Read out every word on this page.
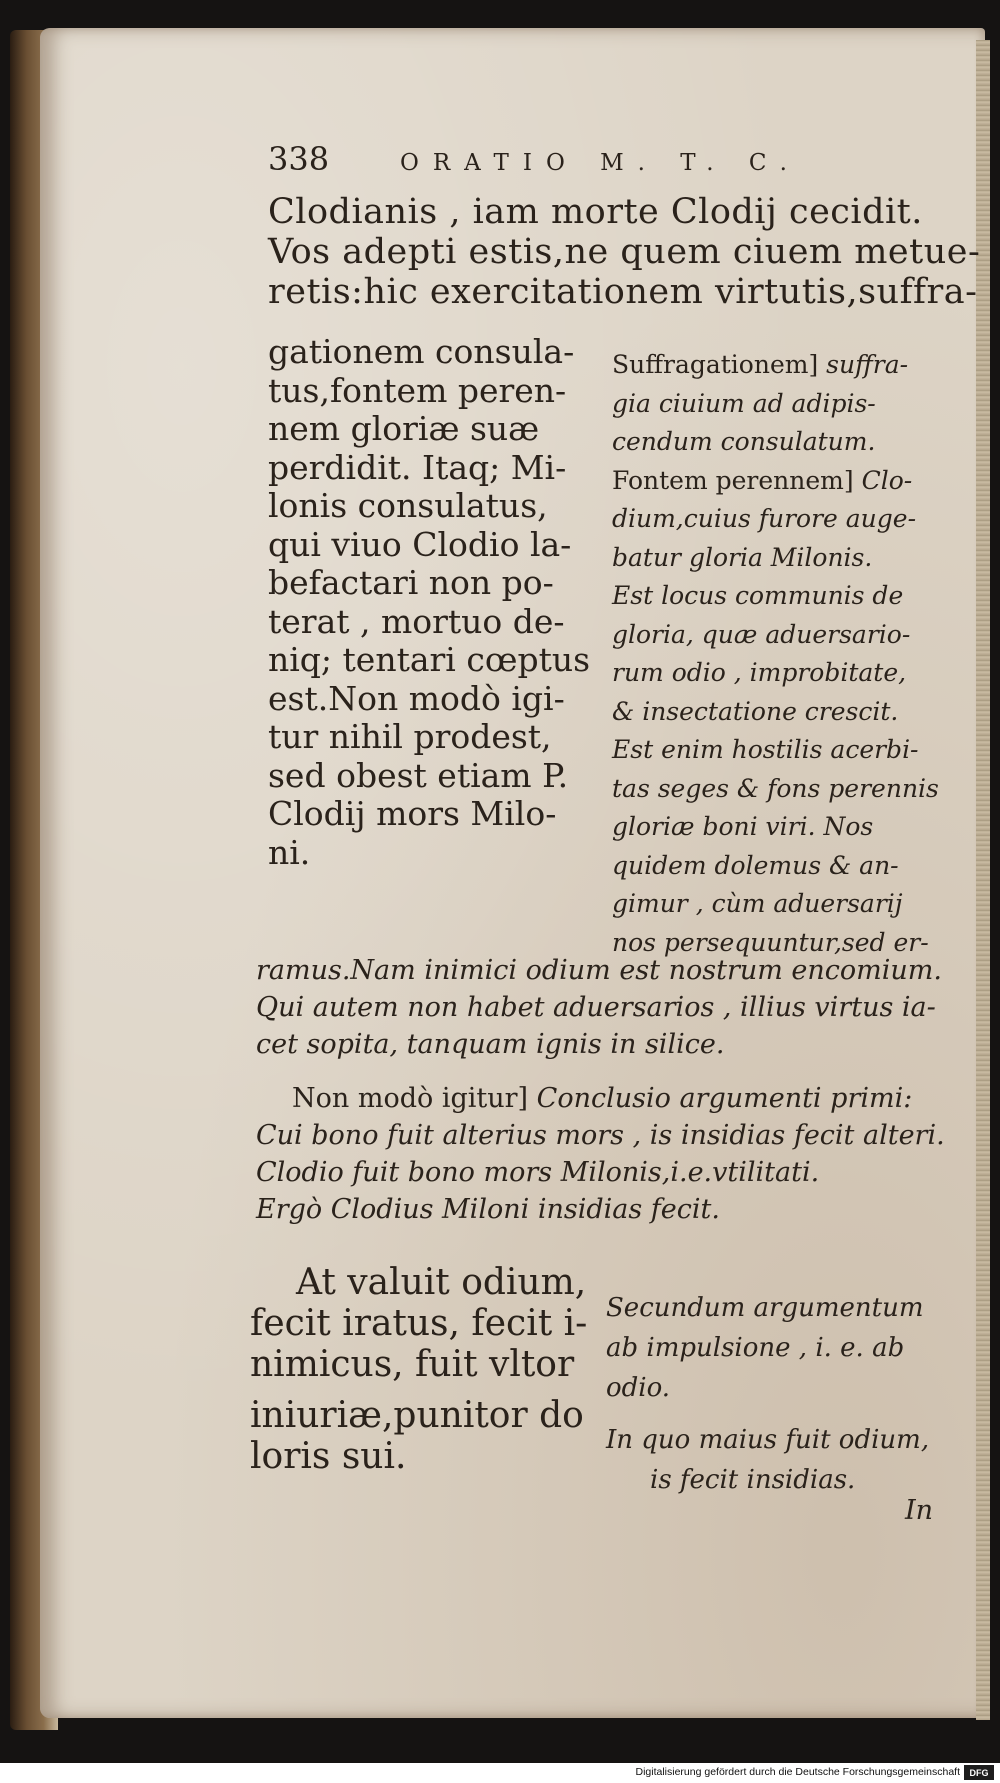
338	ORATIO M. T. C.
Clodianis , iam morte Clodij cecidit.
Vos adepti estis,ne quem ciuem metue-
retis:hic exercitationem virtutis,suffra-
gationem consula-
tus,fontem peren-
nem gloriæ suæ
perdidit. Itaq; Mi-
lonis consulatus,
qui viuo Clodio la-
befactari non po-
terat , mortuo de-
niq; tentari cœptus
est.Non modò igi-
tur nihil prodest,
sed obest etiam P.
Clodij mors Milo-
ni.
Suffragationem] suffra-
gia ciuium ad adipis-
cendum consulatum.
Fontem perennem] Clo-
dium,cuius furore auge-
batur gloria Milonis.
Est locus communis de
gloria, quæ aduersario-
rum odio , improbitate,
& insectatione crescit.
Est enim hostilis acerbi-
tas seges & fons perennis
gloriæ boni viri. Nos
quidem dolemus & an-
gimur , cùm aduersarij
nos persequuntur,sed er-
ramus.Nam inimici odium est nostrum encomium.
Qui autem non habet aduersarios , illius virtus ia-
cet sopita, tanquam ignis in silice.
Non modò igitur] Conclusio argumenti primi:
Cui bono fuit alterius mors , is insidias fecit alteri.
Clodio fuit bono mors Milonis,i.e.vtilitati.
Ergò Clodius Miloni insidias fecit.
At valuit odium,
fecit iratus, fecit i-
nimicus, fuit vltor
iniuriæ,punitor do
loris sui.
Secundum argumentum
ab impulsione , i. e. ab
odio.
In quo maius fuit odium,
is fecit insidias.
In
Digitalisierung gefördert durch die Deutsche Forschungsgemeinschaft	DFG
